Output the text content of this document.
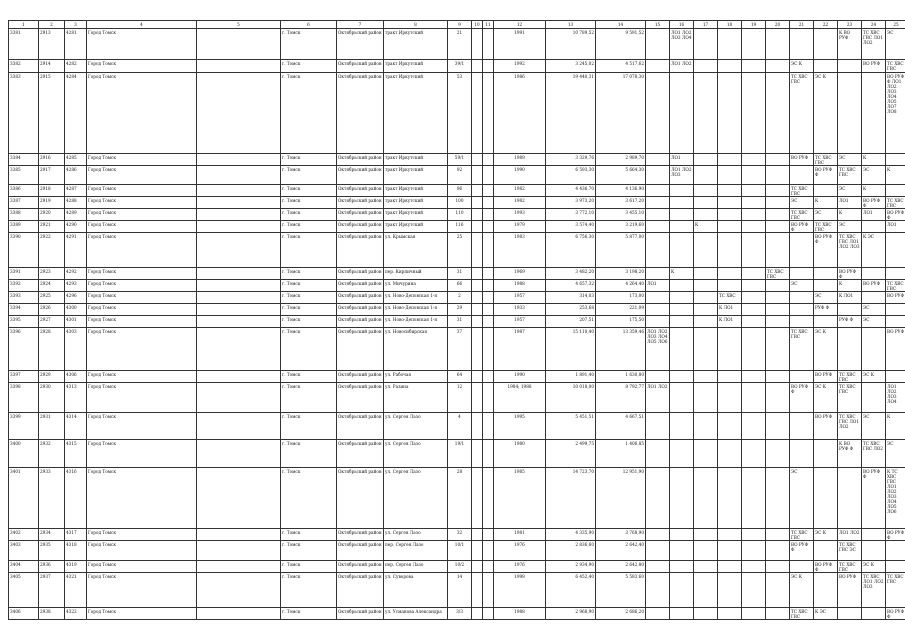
1	2	3	4	5	6	7	8	9	10	11	12	13	14	15	16	17	18	19	20	21	22	23	24	25
3381	2913	4281	Город Томск		г. Томск	Октябрьский район	тракт Иркутский	21			1991	10 789,52	9 591,52		ЛО1 ЛО2 ЛО3 ЛО4							К ВО РУФ	ТС ХВС ГВС ЛО1 ЛО2	ЭС
3382	2914	4282	Город Томск		г. Томск	Октябрьский район	тракт Иркутский	39/1			1992	3 245,02	4 517,62		ЛО1 ЛО2					ЭС К			ВО РУФ	ТС ХВС ГВС
3383	2915	4284	Город Томск		г. Томск	Октябрьский район	тракт Иркутский	53			1986	19 440,31	17 078,30							ТС ХВС ГВС	ЭС К			ВО РУФ Ф ЛО1 ЛО2 ЛО3 ЛО4 ЛО5 ЛО7 ЛО8
3384	2916	4285	Город Томск		г. Томск	Октябрьский район	тракт Иркутский	59/1			1989	3 329,76	2 989,70		ЛО1					ВО РУФ	ТС ХВС ГВС	ЭС	К	
3385	2917	4286	Город Томск		г. Томск	Октябрьский район	тракт Иркутский	92			1990	6 593,30	5 664,30		ЛО1 ЛО2 ЛО3						ВО РУФ Ф	ТС ХВС ГВС	ЭС	К
3386	2918	4287	Город Томск		г. Томск	Октябрьский район	тракт Иркутский	96			1982	4 436,70	4 136,90							ТС ХВС ГВС		ЭС	К	
3387	2919	4288	Город Томск		г. Томск	Октябрьский район	тракт Иркутский	100			1982	3 973,20	3 617,20							ЭС	К	ЛО1	ВО РУФ Ф	ТС ХВС ГВС
3388	2920	4289	Город Томск		г. Томск	Октябрьский район	тракт Иркутский	110			1993	3 772,10	3 455,10							ТС ХВС ГВС	ЭС	К	ЛО1	ВО РУФ Ф
3389	2921	4290	Город Томск		г. Томск	Октябрьский район	тракт Иркутский	116			1979	3 574,40	3 219,60			К				ВО РУФ Ф	ТС ХВС ГВС	ЭС		ЛО1
3390	2922	4291	Город Томск		г. Томск	Октябрьский район	ул. Крымская	25			1983	6 756,30	5 877,00								ВО РУФ Ф	ТС ХВС ГВС ЛО1 ЛО2 ЛО3	К ЭС	
3391	2923	4292	Город Томск		г. Томск	Октябрьский район	пер. Кирпичный	31			1969	3 482,20	3 198,20		К				ТС ХВС ГВС			ВО РУФ Ф		
3392	2924	4293	Город Томск		г. Томск	Октябрьский район	ул. Мичурина	66			1988	4 657,32	4 264,40	ЛО1						ЭС		К	ВО РУФ	ТС ХВС ГВС
3393	2925	4296	Город Томск		г. Томск	Октябрьский район	ул. Ново-Деповская 1-я	2			1957	314,03	173,00				ТС ХВС				ЭС	К ЛО1		ВО РУФ
3394	2926	4300	Город Томск		г. Томск	Октябрьский район	ул. Ново-Деповская 1-я	29			1933	253,68	221,09				К ЛО1				РУФ Ф		ЭС	
3395	2927	4301	Город Томск		г. Томск	Октябрьский район	ул. Ново-Деповская 1-я	31			1957	207,51	175,50				К ЛО1					РУФ Ф	ЭС	
3396	2928	4303	Город Томск		г. Томск	Октябрьский район	ул. Новосибирская	37			1987	15 110,40	13 359,46	ЛО1 ЛО2 ЛО3 ЛО4 ЛО5 ЛО6						ТС ХВС ГВС	ЭС К			ВО РУФ
3397	2929	4306	Город Томск		г. Томск	Октябрьский район	ул. Рабочая	64			1990	1 891,40	1 630,80								ВО РУФ	ТС ХВС ГВС	ЭС К	
3398	2930	4313	Город Томск		г. Томск	Октябрьский район	ул. Разина	12			1984; 1988	10 018,00	8 792,77	ЛО1 ЛО2						ВО РУФ Ф	ЭС К	ТС ХВС ГВС		ЛО1 ЛО2 ЛО3 ЛО4
3399	2931	4314	Город Томск		г. Томск	Октябрьский район	ул. Сергея Лазо	4			1995	5 451,51	4 667,51								ВО РУФ	ТС ХВС ГВС ЛО1 ЛО2	ЭС	К
3400	2932	4315	Город Томск		г. Томск	Октябрьский район	ул. Сергея Лазо	19/1			1980	2 499,75	1 406,85									К ВО РУФ Ф	ТС ХВС ГВС ЛО2	ЭС
3401	2933	4316	Город Томск		г. Томск	Октябрьский район	ул. Сергея Лазо	28			1985	14 723,70	12 951,90							ЭС			ВО РУФ Ф	К ТС ХВС ГВС ЛО1 ЛО2 ЛО3 ЛО4 ЛО5 ЛО6
3402	2934	4317	Город Томск		г. Томск	Октябрьский район	ул. Сергея Лазо	32			1981	4 335,90	3 768,90							ТС ХВС ГВС	ЭС К	ЛО1 ЛО2		ВО РУФ Ф
3403	2935	4318	Город Томск		г. Томск	Октябрьский район	пер. Сергея Лазо	10/1			1976	2 836,60	2 642,40							ВО РУФ Ф		ТС ХВС ГВС ЭС		
3404	2936	4319	Город Томск		г. Томск	Октябрьский район	пер. Сергея Лазо	10/2			1976	2 934,90	2 642,80								ВО РУФ Ф	ТС ХВС ГВС	ЭС К	
3405	2937	4321	Город Томск		г. Томск	Октябрьский район	ул. Суворова	14			1998	6 452,40	5 583,60							ЭС К		ВО РУФ	ТС ХВС ЛО1 ЛО2 ЛО3	ТС ХВС ГВС
3406	2938	4322	Город Томск		г. Томск	Октябрьский район	ул. Усманова Александра	3/3			1988	2 968,90	2 686,20							ТС ХВС ГВС	К ЭС			ВО РУФ Ф
